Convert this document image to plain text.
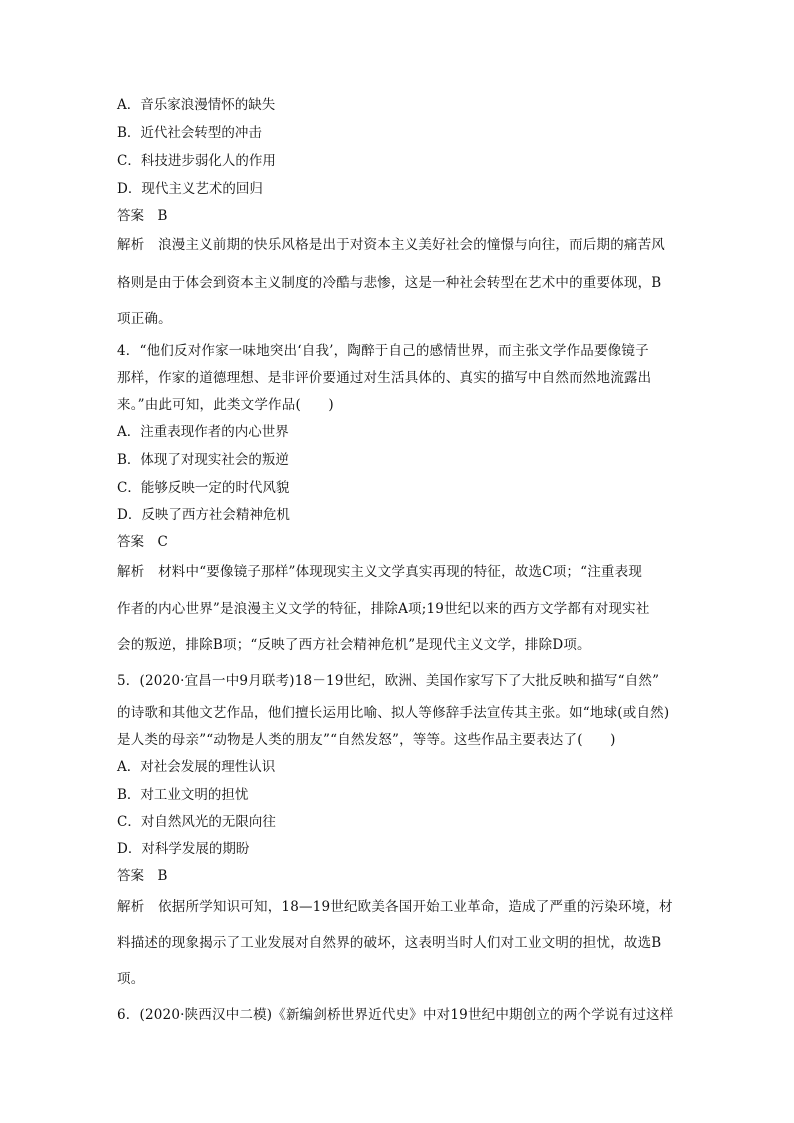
A．音乐家浪漫情怀的缺失
B．近代社会转型的冲击
C．科技进步弱化人的作用
D．现代主义艺术的回归
答案　B
解析　浪漫主义前期的快乐风格是出于对资本主义美好社会的憧憬与向往，而后期的痛苦风
格则是由于体会到资本主义制度的冷酷与悲惨，这是一种社会转型在艺术中的重要体现，B
项正确。
4．“他们反对作家一味地突出‘自我’，陶醉于自己的感情世界，而主张文学作品要像镜子
那样，作家的道德理想、是非评价要通过对生活具体的、真实的描写中自然而然地流露出
来。”由此可知，此类文学作品(　　)
A．注重表现作者的内心世界
B．体现了对现实社会的叛逆
C．能够反映一定的时代风貌
D．反映了西方社会精神危机
答案　C
解析　材料中“要像镜子那样”体现现实主义文学真实再现的特征，故选C项；“注重表现
作者的内心世界”是浪漫主义文学的特征，排除A项;19世纪以来的西方文学都有对现实社
会的叛逆，排除B项；“反映了西方社会精神危机”是现代主义文学，排除D项。
5．(2020·宜昌一中9月联考)18－19世纪，欧洲、美国作家写下了大批反映和描写“自然”
的诗歌和其他文艺作品，他们擅长运用比喻、拟人等修辞手法宣传其主张。如“地球(或自然)
是人类的母亲”“动物是人类的朋友”“自然发怒”，等等。这些作品主要表达了(　　)
A．对社会发展的理性认识
B．对工业文明的担忧
C．对自然风光的无限向往
D．对科学发展的期盼
答案　B
解析　依据所学知识可知，18—19世纪欧美各国开始工业革命，造成了严重的污染环境，材
料描述的现象揭示了工业发展对自然界的破坏，这表明当时人们对工业文明的担忧，故选B
项。
6．(2020·陕西汉中二模)《新编剑桥世界近代史》中对19世纪中期创立的两个学说有过这样
